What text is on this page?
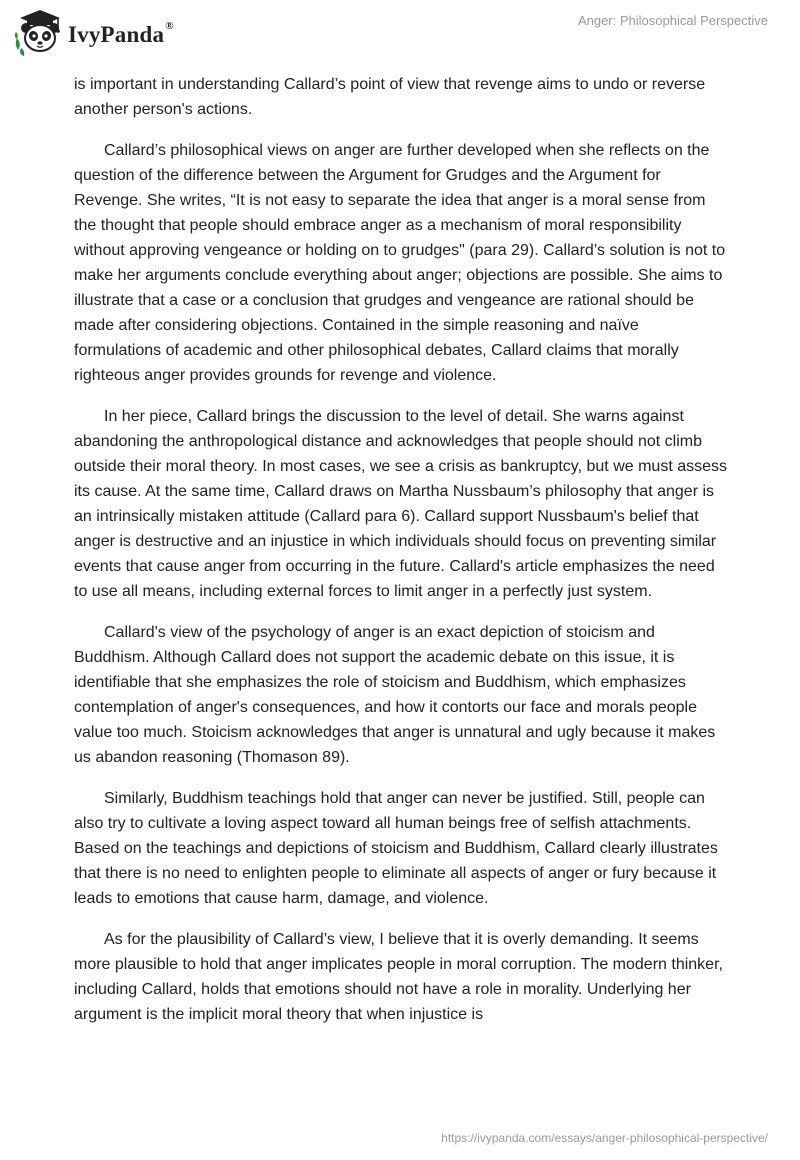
IvyPanda®	Anger: Philosophical Perspective

is important in understanding Callard’s point of view that revenge aims to undo or reverse another person's actions.

Callard’s philosophical views on anger are further developed when she reflects on the question of the difference between the Argument for Grudges and the Argument for Revenge. She writes, “It is not easy to separate the idea that anger is a moral sense from the thought that people should embrace anger as a mechanism of moral responsibility without approving vengeance or holding on to grudges" (para 29). Callard’s solution is not to make her arguments conclude everything about anger; objections are possible. She aims to illustrate that a case or a conclusion that grudges and vengeance are rational should be made after considering objections. Contained in the simple reasoning and naïve formulations of academic and other philosophical debates, Callard claims that morally righteous anger provides grounds for revenge and violence.

In her piece, Callard brings the discussion to the level of detail. She warns against abandoning the anthropological distance and acknowledges that people should not climb outside their moral theory. In most cases, we see a crisis as bankruptcy, but we must assess its cause. At the same time, Callard draws on Martha Nussbaum’s philosophy that anger is an intrinsically mistaken attitude (Callard para 6). Callard support Nussbaum's belief that anger is destructive and an injustice in which individuals should focus on preventing similar events that cause anger from occurring in the future. Callard's article emphasizes the need to use all means, including external forces to limit anger in a perfectly just system.

Callard's view of the psychology of anger is an exact depiction of stoicism and Buddhism. Although Callard does not support the academic debate on this issue, it is identifiable that she emphasizes the role of stoicism and Buddhism, which emphasizes contemplation of anger's consequences, and how it contorts our face and morals people value too much. Stoicism acknowledges that anger is unnatural and ugly because it makes us abandon reasoning (Thomason 89).

Similarly, Buddhism teachings hold that anger can never be justified. Still, people can also try to cultivate a loving aspect toward all human beings free of selfish attachments. Based on the teachings and depictions of stoicism and Buddhism, Callard clearly illustrates that there is no need to enlighten people to eliminate all aspects of anger or fury because it leads to emotions that cause harm, damage, and violence.

As for the plausibility of Callard’s view, I believe that it is overly demanding. It seems more plausible to hold that anger implicates people in moral corruption. The modern thinker, including Callard, holds that emotions should not have a role in morality. Underlying her argument is the implicit moral theory that when injustice is

https://ivypanda.com/essays/anger-philosophical-perspective/
